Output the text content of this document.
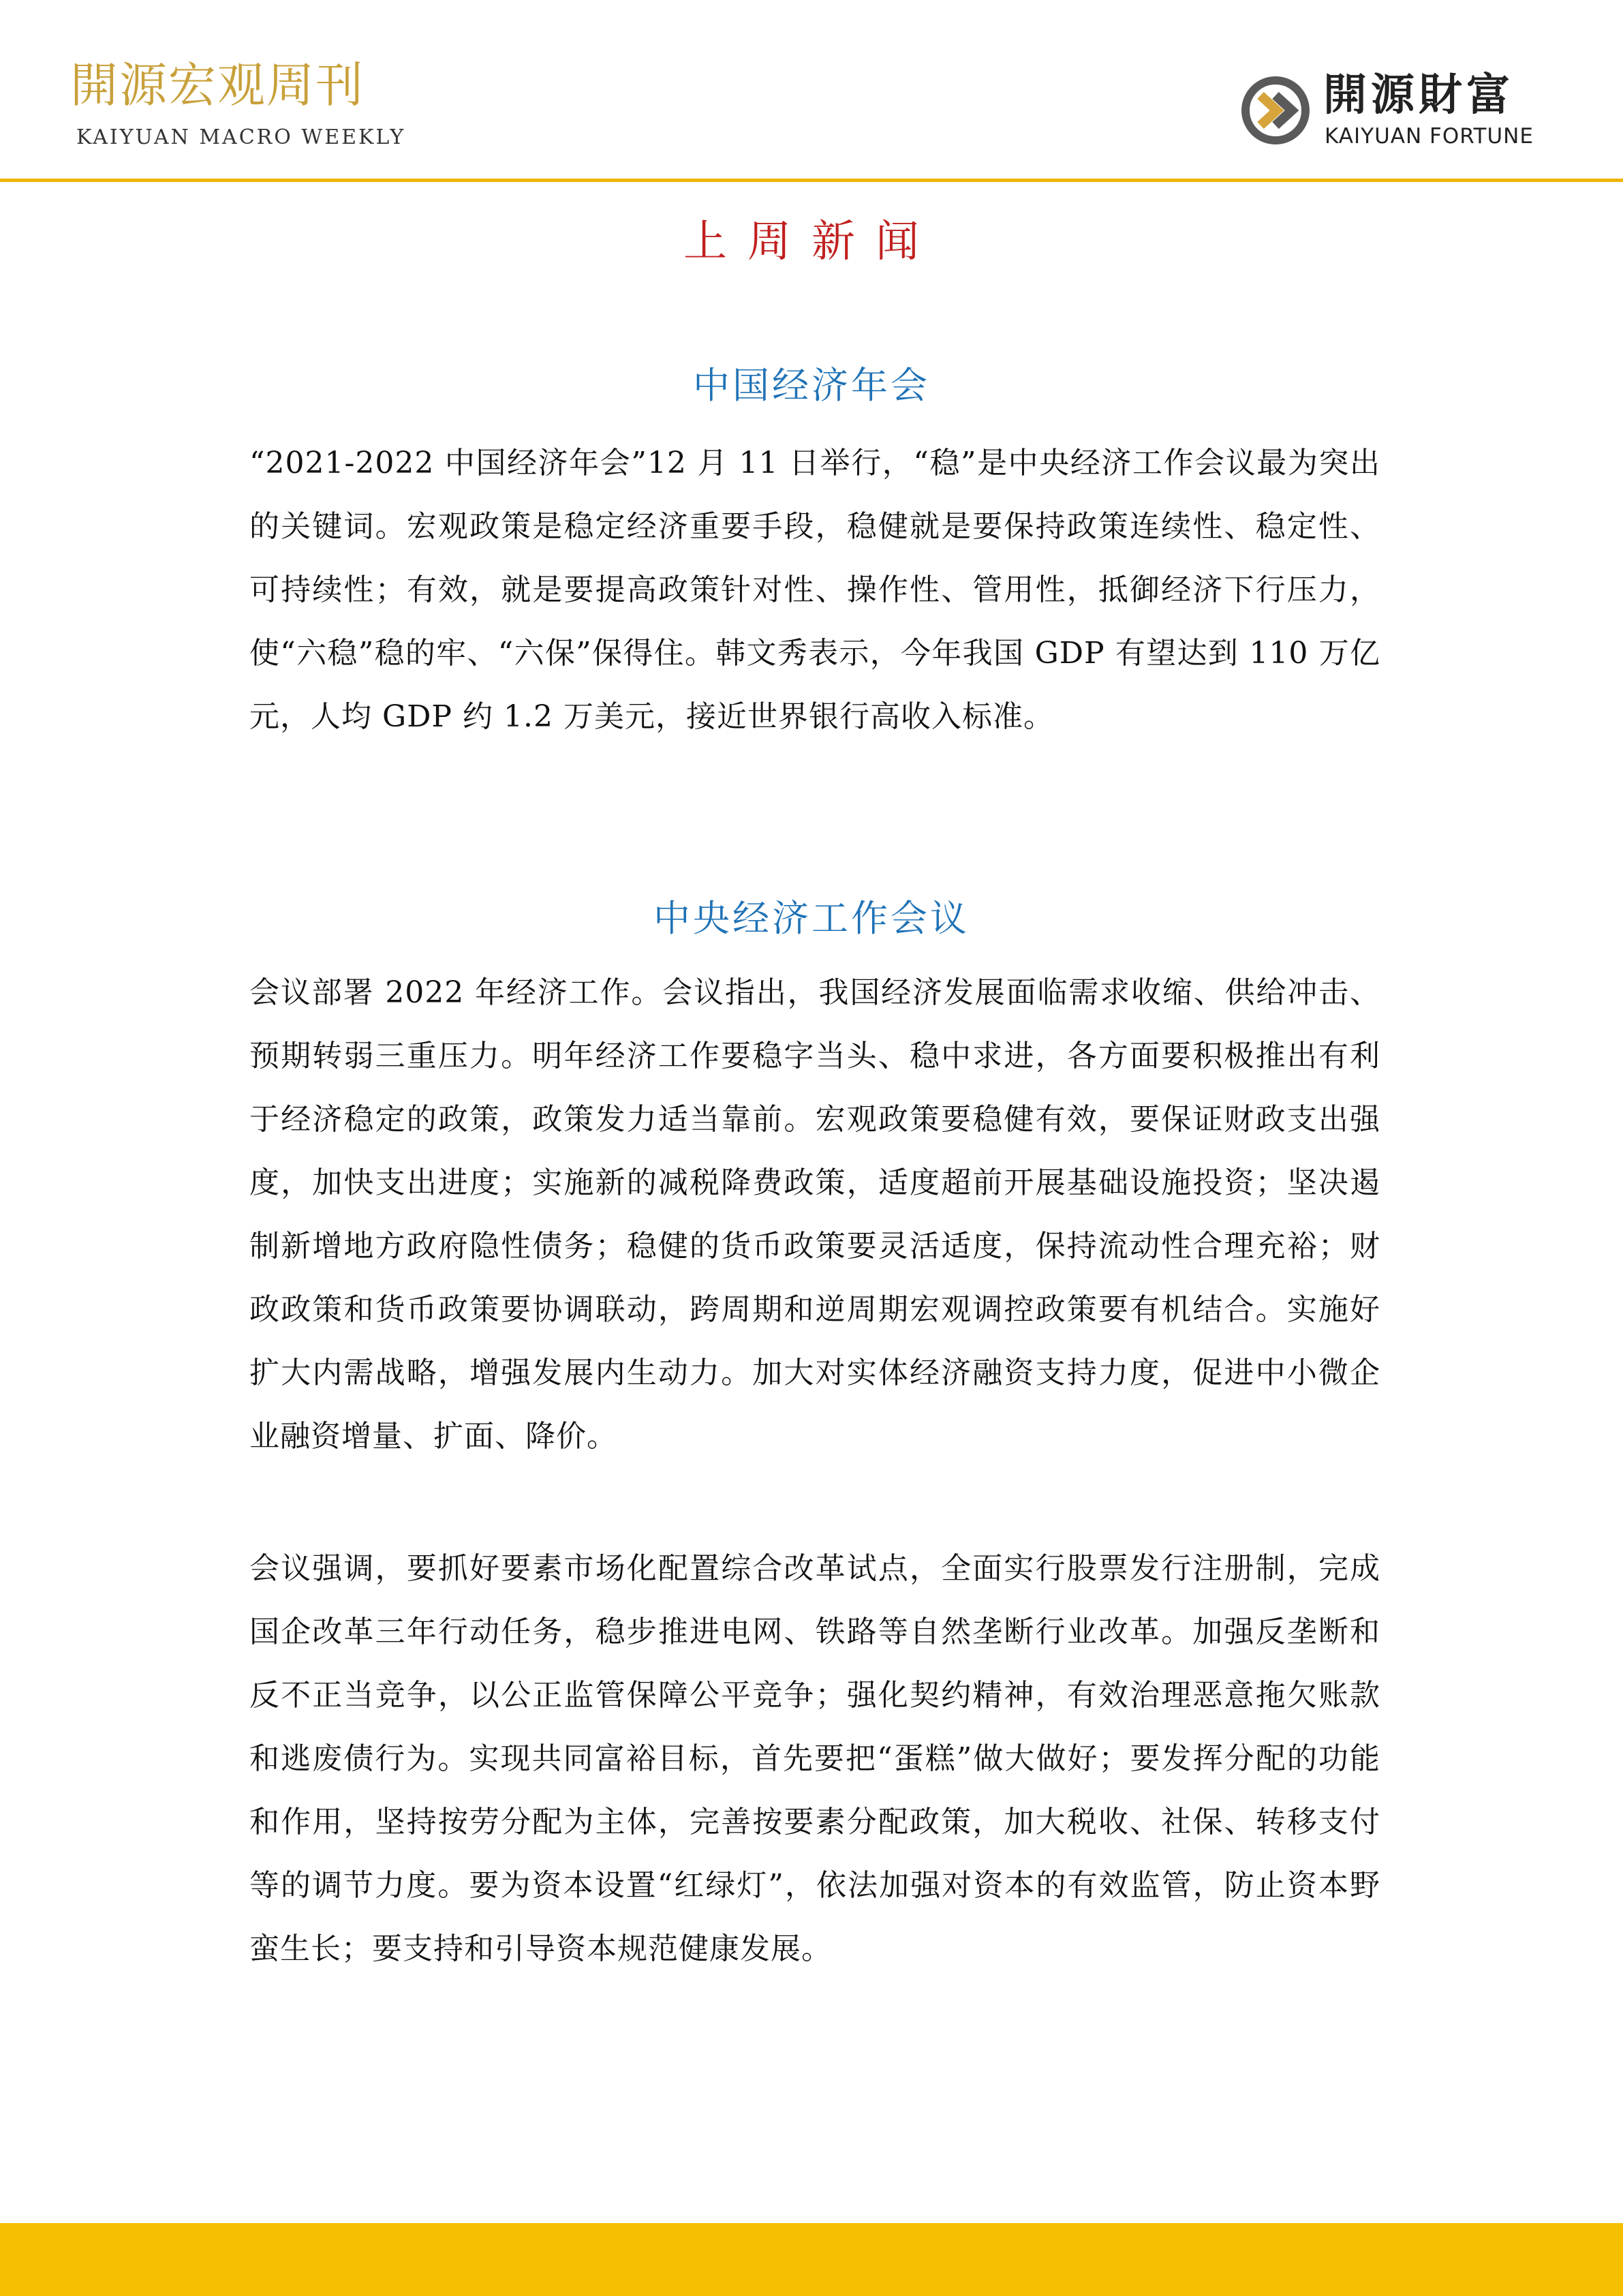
開源宏观周刊
KAIYUAN MACRO WEEKLY
開源財富
KAIYUAN FORTUNE
上周新闻
中国经济年会
“2021-2022 中国经济年会”12 月 11 日举行，“稳”是中央经济工作会议最为突出的关键词。宏观政策是稳定经济重要手段，稳健就是要保持政策连续性、稳定性、可持续性；有效，就是要提高政策针对性、操作性、管用性，抵御经济下行压力，使“六稳”稳的牢、“六保”保得住。韩文秀表示，今年我国 GDP 有望达到 110 万亿元，人均 GDP 约 1.2 万美元，接近世界银行高收入标准。
中央经济工作会议
会议部署 2022 年经济工作。会议指出，我国经济发展面临需求收缩、供给冲击、预期转弱三重压力。明年经济工作要稳字当头、稳中求进，各方面要积极推出有利于经济稳定的政策，政策发力适当靠前。宏观政策要稳健有效，要保证财政支出强度，加快支出进度；实施新的减税降费政策，适度超前开展基础设施投资；坚决遏制新增地方政府隐性债务；稳健的货币政策要灵活适度，保持流动性合理充裕；财政政策和货币政策要协调联动，跨周期和逆周期宏观调控政策要有机结合。实施好扩大内需战略，增强发展内生动力。加大对实体经济融资支持力度，促进中小微企业融资增量、扩面、降价。
会议强调，要抓好要素市场化配置综合改革试点，全面实行股票发行注册制，完成国企改革三年行动任务，稳步推进电网、铁路等自然垄断行业改革。加强反垄断和反不正当竞争，以公正监管保障公平竞争；强化契约精神，有效治理恶意拖欠账款和逃废债行为。实现共同富裕目标，首先要把“蛋糕”做大做好；要发挥分配的功能和作用，坚持按劳分配为主体，完善按要素分配政策，加大税收、社保、转移支付等的调节力度。要为资本设置“红绿灯”，依法加强对资本的有效监管，防止资本野蛮生长；要支持和引导资本规范健康发展。
